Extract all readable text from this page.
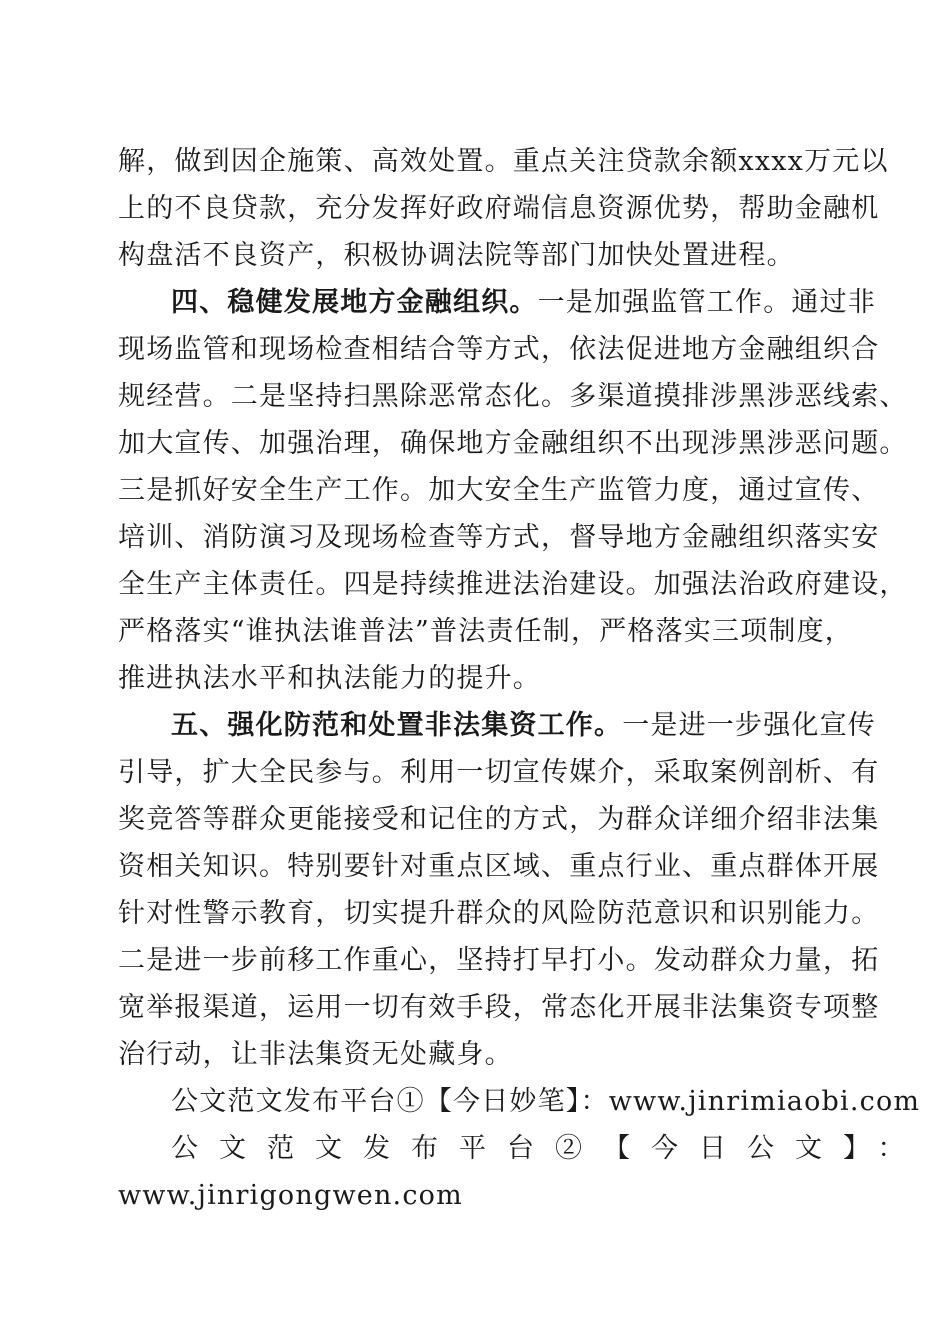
解，做到因企施策、高效处置。重点关注贷款余额xxxx万元以
上的不良贷款，充分发挥好政府端信息资源优势，帮助金融机
构盘活不良资产，积极协调法院等部门加快处置进程。
四、稳健发展地方金融组织。一是加强监管工作。通过非
现场监管和现场检查相结合等方式，依法促进地方金融组织合
规经营。二是坚持扫黑除恶常态化。多渠道摸排涉黑涉恶线索、
加大宣传、加强治理，确保地方金融组织不出现涉黑涉恶问题。
三是抓好安全生产工作。加大安全生产监管力度，通过宣传、
培训、消防演习及现场检查等方式，督导地方金融组织落实安
全生产主体责任。四是持续推进法治建设。加强法治政府建设，
严格落实“谁执法谁普法”普法责任制，严格落实三项制度，
推进执法水平和执法能力的提升。
五、强化防范和处置非法集资工作。一是进一步强化宣传
引导，扩大全民参与。利用一切宣传媒介，采取案例剖析、有
奖竞答等群众更能接受和记住的方式，为群众详细介绍非法集
资相关知识。特别要针对重点区域、重点行业、重点群体开展
针对性警示教育，切实提升群众的风险防范意识和识别能力。
二是进一步前移工作重心，坚持打早打小。发动群众力量，拓
宽举报渠道，运用一切有效手段，常态化开展非法集资专项整
治行动，让非法集资无处藏身。
公文范文发布平台①【今日妙笔】：www.jinrimiaobi.com
公文范文发布平台②【今日公文】：
www.jinrigongwen.com
